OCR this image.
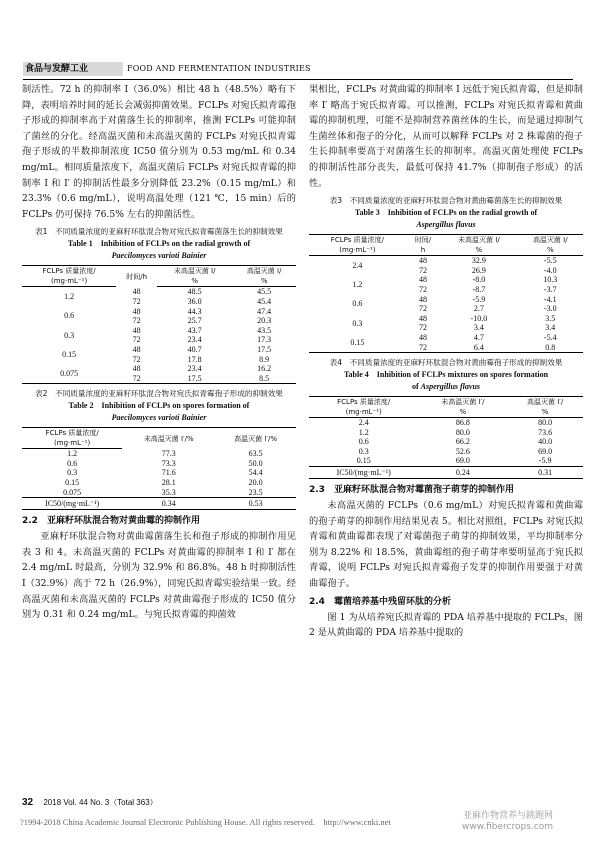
食品与发酵工业	FOOD AND FERMENTATION INDUSTRIES

制活性。72 h 的抑制率 I（36.0%）相比 48 h（48.5%）略有下降，表明培养时间的延长会减弱抑菌效果。FCLPs 对宛氏拟青霉孢子形成的抑制率高于对菌落生长的抑制率，推测 FCLPs 可能抑制了菌丝的分化。经高温灭菌和未高温灭菌的 FCLPs 对宛氏拟青霉孢子形成的半数抑制浓度 IC50 值分别为 0.53 mg/mL 和 0.34 mg/mL。相同质量浓度下，高温灭菌后 FCLPs 对宛氏拟青霉的抑制率 I 和 I′ 的抑制活性最多分别降低 23.2%（0.15 mg/mL）和 23.3%（0.6 mg/mL），说明高温处理（121 ℃，15 min）后的 FCLPs 仍可保持 76.5% 左右的抑菌活性。

表1　不同质量浓度的亚麻籽环肽混合物对宛氏拟青霉菌落生长的抑制效果
Table 1　Inhibition of FCLPs on the radial growth of
Paecilomyces varioti Bainier
FCLPs 质量浓度/	时间/h	未高温灭菌 I/	高温灭菌 I/
(mg·mL⁻¹)		%	%
1.2	48	48.5	45.5
	72	36.0	45.4
0.6	48	44.3	47.4
	72	25.7	20.3
0.3	48	43.7	43.5
	72	23.4	17.3
0.15	48	40.7	17.5
	72	17.8	8.9
0.075	48	23.4	16.2
	72	17.5	8.5
表2　不同质量浓度的亚麻籽环肽混合物对宛氏拟青霉孢子形成的抑制效果
Table 2　Inhibition of FCLPs on spores formation of
Paecilomyces varioti Bainier
FCLPs 质量浓度/	未高温灭菌 I′/%	高温灭菌 I′/%
(mg·mL⁻¹)		
1.2	77.3	63.5
0.6	73.3	50.0
0.3	71.6	54.4
0.15	28.1	20.0
0.075	35.3	23.5
IC50/(mg·mL⁻¹)	0.34	0.53
2.2　亚麻籽环肽混合物对黄曲霉的抑制作用

亚麻籽环肽混合物对黄曲霉菌落生长和孢子形成的抑制作用见表 3 和 4。未高温灭菌的 FCLPs 对黄曲霉的抑制率 I 和 I′ 都在 2.4 mg/mL 时最高，分别为 32.9% 和 86.8%。48 h 时抑制活性 I（32.9%）高于 72 h（26.9%），同宛氏拟青霉实验结果一致。经高温灭菌和未高温灭菌的 FCLPs 对黄曲霉孢子形成的 IC50 值分别为 0.31 和 0.24 mg/mL。与宛氏拟青霉的抑菌效

果相比，FCLPs 对黄曲霉的抑制率 I 远低于宛氏拟青霉，但是抑制率 I′ 略高于宛氏拟青霉。可以推测，FCLPs 对宛氏拟青霉和黄曲霉的抑制机理，可能不是抑制营养菌丝体的生长，而是通过抑制气生菌丝体和孢子的分化，从而可以解释 FCLPs 对 2 株霉菌的孢子生长抑制率要高于对菌落生长的抑制率。高温灭菌处理使 FCLPs 的抑制活性部分丧失，最低可保持 41.7%（抑制孢子形成）的活性。

表3　不同质量浓度的亚麻籽环肽混合物对黄曲霉菌落生长的抑制效果
Table 3　Inhibition of FCLPs on the radial growth of
Aspergillus flavus
FCLPs 质量浓度/	时间/	未高温灭菌 I/	高温灭菌 I/
(mg·mL⁻¹)	h	%	%
2.4	48	32.9	-5.5
	72	26.9	-4.0
1.2	48	-8.0	10.3
	72	-8.7	-3.7
0.6	48	-5.9	-4.1
	72	2.7	-3.0
0.3	48	-10.0	3.5
	72	3.4	3.4
0.15	48	4.7	-5.4
	72	6.4	0.8
表4　不同质量浓度的亚麻籽环肽混合物对黄曲霉孢子形成的抑制效果
Table 4　Inhibition of FCLPs mixtures on spores formation
of Aspergillus flavus
FCLPs 质量浓度/	未高温灭菌 I′/	高温灭菌 I′/
(mg·mL⁻¹)	%	%
2.4	86.8	80.0
1.2	80.0	73.6
0.6	66.2	40.0
0.3	52.6	69.0
0.15	69.0	-5.9
IC50/(mg·mL⁻¹)	0.24	0.31
2.3　亚麻籽环肽混合物对霉菌孢子萌芽的抑制作用

未高温灭菌的 FCLPs（0.6 mg/mL）对宛氏拟青霉和黄曲霉的孢子萌芽的抑制作用结果见表 5。相比对照组，FCLPs 对宛氏拟青霉和黄曲霉都表现了对霉菌孢子萌芽的抑制效果，平均抑制率分别为 8.22% 和 18.5%，黄曲霉组的孢子萌芽率要明显高于宛氏拟青霉，说明 FCLPs 对宛氏拟青霉孢子发芽的抑制作用要强于对黄曲霉孢子。

2.4　霉菌培养基中残留环肽的分析

图 1 为从培养宛氏拟青霉的 PDA 培养基中提取的 FCLPs，图 2 是从黄曲霉的 PDA 培养基中提取的

32 2018 Vol. 44 No. 3（Total 363）
?1994-2018 China Academic Journal Electronic Publishing House. All rights reserved.　http://www.cnki.net
亚麻作物营养与跳跑网
www.fibercrops.com
